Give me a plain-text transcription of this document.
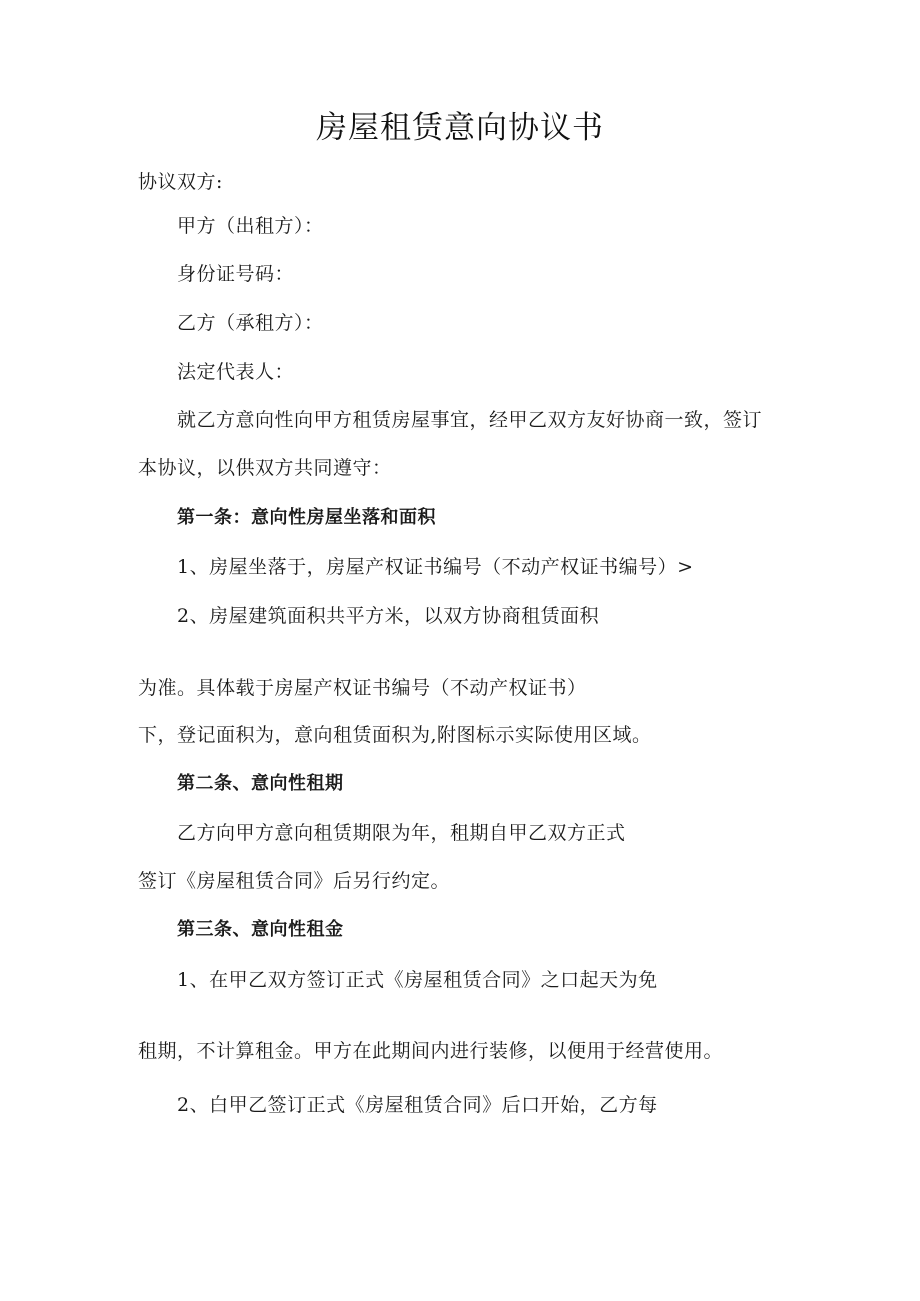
房屋租赁意向协议书
协议双方:
甲方（出租方）：
身份证号码：
乙方（承租方）：
法定代表人：
就乙方意向性向甲方租赁房屋事宜，经甲乙双方友好协商一致，签订
本协议，以供双方共同遵守：
第一条：意向性房屋坐落和面积
1、房屋坐落于，房屋产权证书编号（不动产权证书编号）>
2、房屋建筑面积共平方米，以双方协商租赁面积
为准。具体载于房屋产权证书编号（不动产权证书）
下，登记面积为，意向租赁面积为,附图标示实际使用区域。
第二条、意向性租期
乙方向甲方意向租赁期限为年，租期自甲乙双方正式
签订《房屋租赁合同》后另行约定。
第三条、意向性租金
1、在甲乙双方签订正式《房屋租赁合同》之口起天为免
租期，不计算租金。甲方在此期间内进行装修，以便用于经营使用。
2、白甲乙签订正式《房屋租赁合同》后口开始，乙方每
